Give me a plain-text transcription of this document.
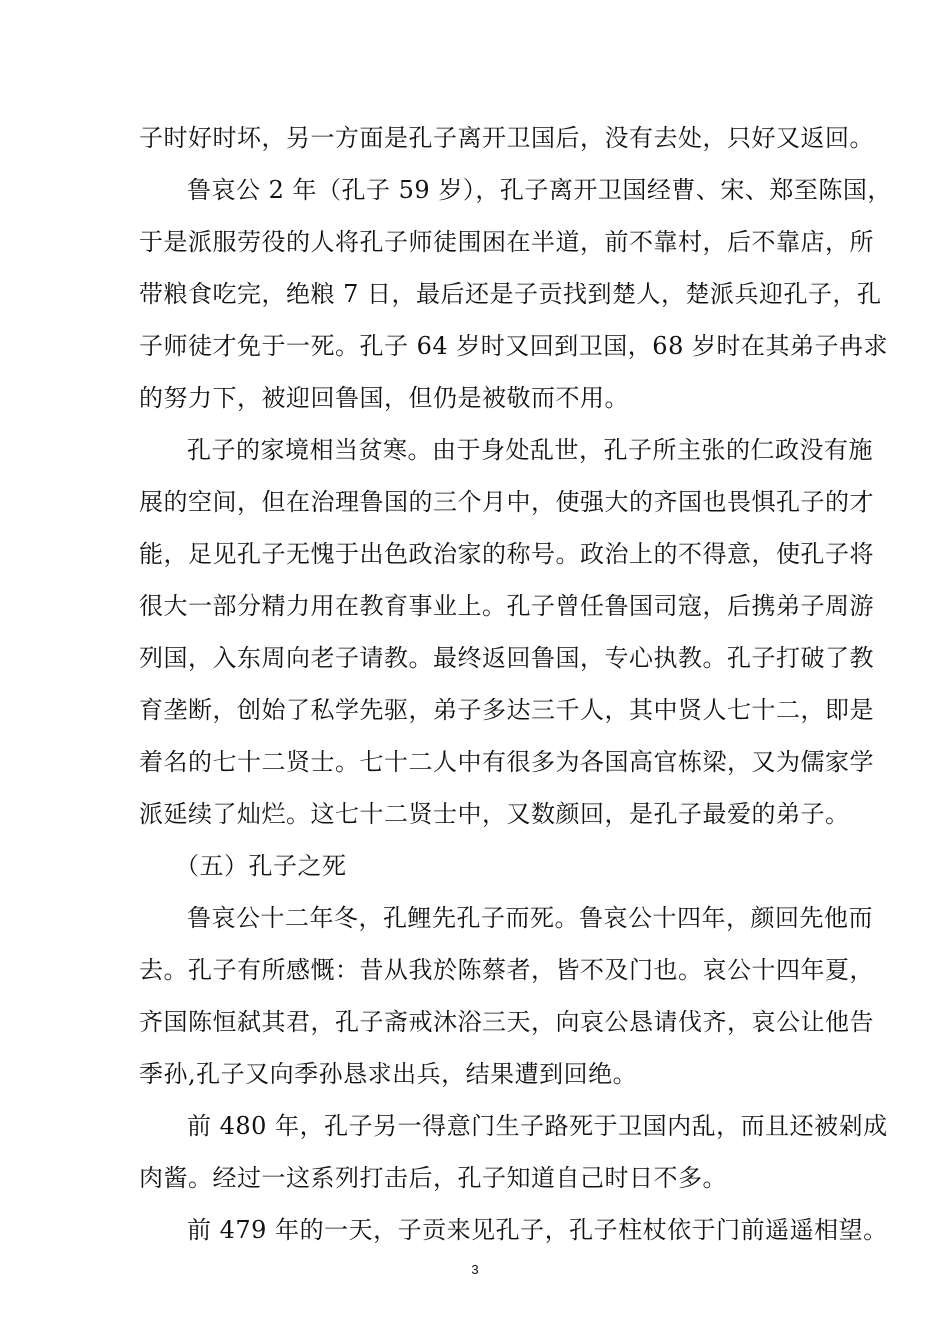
子时好时坏，另一方面是孔子离开卫国后，没有去处，只好又返回。
鲁哀公 2 年（孔子 59 岁），孔子离开卫国经曹、宋、郑至陈国，
于是派服劳役的人将孔子师徒围困在半道，前不靠村，后不靠店，所
带粮食吃完，绝粮 7 日，最后还是子贡找到楚人，楚派兵迎孔子，孔
子师徒才免于一死。孔子 64 岁时又回到卫国，68 岁时在其弟子冉求
的努力下，被迎回鲁国，但仍是被敬而不用。
孔子的家境相当贫寒。由于身处乱世，孔子所主张的仁政没有施
展的空间，但在治理鲁国的三个月中，使强大的齐国也畏惧孔子的才
能，足见孔子无愧于出色政治家的称号。政治上的不得意，使孔子将
很大一部分精力用在教育事业上。孔子曾任鲁国司寇，后携弟子周游
列国，入东周向老子请教。最终返回鲁国，专心执教。孔子打破了教
育垄断，创始了私学先驱，弟子多达三千人，其中贤人七十二，即是
着名的七十二贤士。七十二人中有很多为各国高官栋梁，又为儒家学
派延续了灿烂。这七十二贤士中，又数颜回，是孔子最爱的弟子。
（五）孔子之死
鲁哀公十二年冬，孔鲤先孔子而死。鲁哀公十四年，颜回先他而
去。孔子有所感慨：昔从我於陈蔡者，皆不及门也。哀公十四年夏，
齐国陈恒弑其君，孔子斋戒沐浴三天，向哀公恳请伐齐，哀公让他告
季孙,孔子又向季孙恳求出兵，结果遭到回绝。
前 480 年，孔子另一得意门生子路死于卫国内乱，而且还被剁成
肉酱。经过一这系列打击后，孔子知道自己时日不多。
前 479 年的一天，子贡来见孔子，孔子柱杖依于门前遥遥相望。
3
